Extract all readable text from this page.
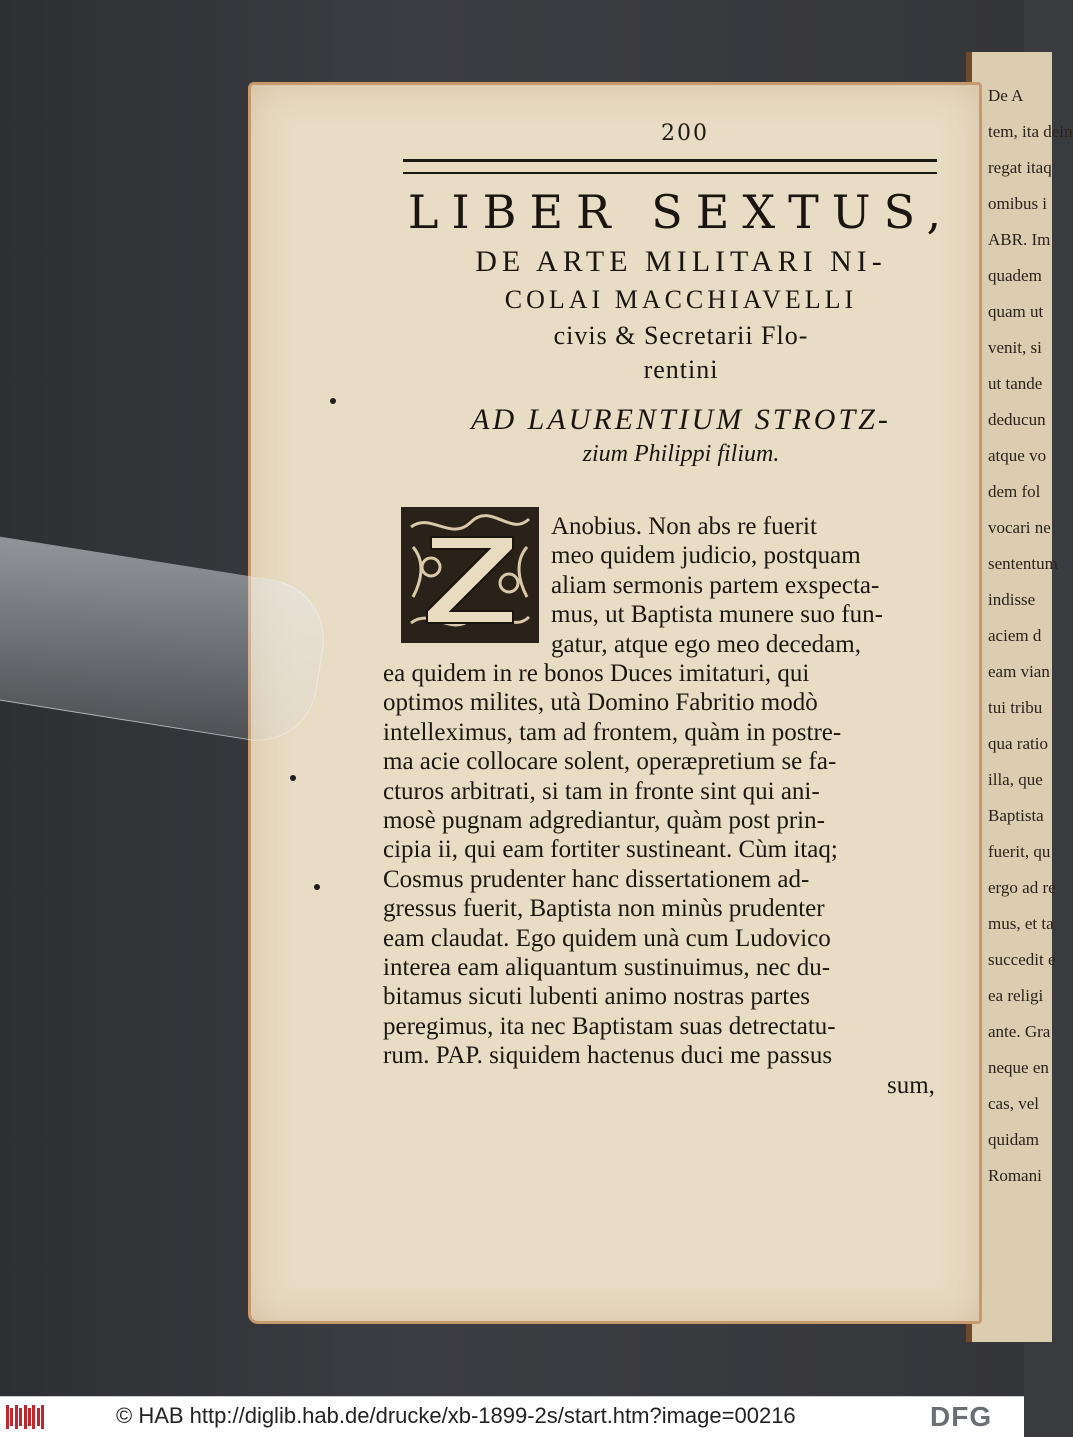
De A
tem, ita dein
regat itaq
omibus i
ABR. Im
quadem
quam ut
venit, si
ut tande
deducun
atque vo
dem fol
vocari ne
sententum
indisse
aciem d
eam vian
tui tribu
qua ratio
illa, que
Baptista
fuerit, qu
ergo ad re
mus, et ta
succedit e
ea religi
ante. Gra
neque en
cas, vel
quidam
Romani
200
LIBER SEXTUS,
DE ARTE MILITARI NI-
COLAI MACCHIAVELLI
civis & Secretarii Flo-
rentini
AD LAURENTIUM STROTZ-
zium Philippi filium.
Anobius. Non abs re fuerit
meo quidem judicio, postquam
aliam sermonis partem exspecta-
mus, ut Baptista munere suo fun-
gatur, atque ego meo decedam,
ea quidem in re bonos Duces imitaturi, qui
optimos milites, utà Domino Fabritio modò
intelleximus, tam ad frontem, quàm in postre-
ma acie collocare solent, operæpretium se fa-
cturos arbitrati, si tam in fronte sint qui ani-
mosè pugnam adgrediantur, quàm post prin-
cipia ii, qui eam fortiter sustineant. Cùm itaq;
Cosmus prudenter hanc dissertationem ad-
gressus fuerit, Baptista non minùs prudenter
eam claudat. Ego quidem unà cum Ludovico
interea eam aliquantum sustinuimus, nec du-
bitamus sicuti lubenti animo nostras partes
peregimus, ita nec Baptistam suas detrectatu-
rum. PAP. siquidem hactenus duci me passus
sum,
© HAB http://diglib.hab.de/drucke/xb-1899-2s/start.htm?image=00216	DFG
